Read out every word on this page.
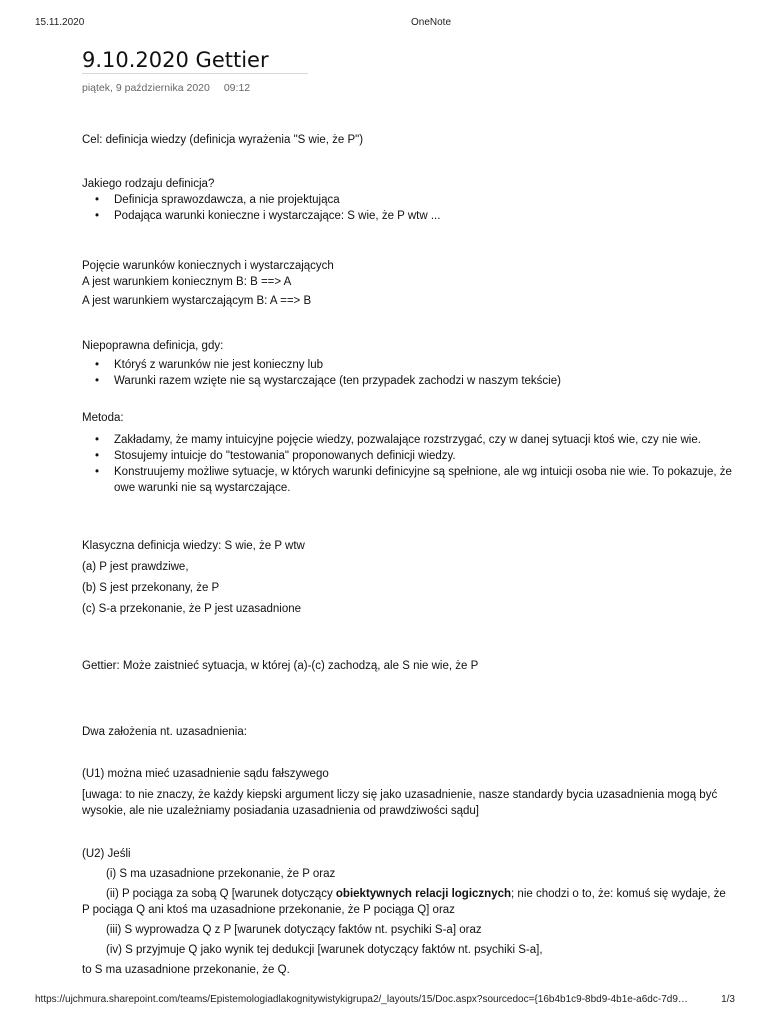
15.11.2020	OneNote
9.10.2020 Gettier
piątek, 9 października 2020 09:12

Cel: definicja wiedzy (definicja wyrażenia "S wie, że P")

Jakiego rodzaju definicja?

• Definicja sprawozdawcza, a nie projektująca
• Podająca warunki konieczne i wystarczające: S wie, że P wtw ...

Pojęcie warunków koniecznych i wystarczających

A jest warunkiem koniecznym B: B ==> A

A jest warunkiem wystarczającym B: A ==> B

Niepoprawna definicja, gdy:

• Któryś z warunków nie jest konieczny lub
• Warunki razem wzięte nie są wystarczające (ten przypadek zachodzi w naszym tekście)

Metoda:

• Zakładamy, że mamy intuicyjne pojęcie wiedzy, pozwalające rozstrzygać, czy w danej sytuacji ktoś wie, czy nie wie.
• Stosujemy intuicje do "testowania" proponowanych definicji wiedzy.
• Konstruujemy możliwe sytuacje, w których warunki definicyjne są spełnione, ale wg intuicji osoba nie wie. To pokazuje, że owe warunki nie są wystarczające.

Klasyczna definicja wiedzy: S wie, że P wtw

(a) P jest prawdziwe,

(b) S jest przekonany, że P

(c) S-a przekonanie, że P jest uzasadnione

Gettier: Może zaistnieć sytuacja, w której (a)-(c) zachodzą, ale S nie wie, że P

Dwa założenia nt. uzasadnienia:

(U1) można mieć uzasadnienie sądu fałszywego

[uwaga: to nie znaczy, że każdy kiepski argument liczy się jako uzasadnienie, nasze standardy bycia uzasadnienia mogą być wysokie, ale nie uzależniamy posiadania uzasadnienia od prawdziwości sądu]

(U2) Jeśli

(i) S ma uzasadnione przekonanie, że P oraz

(ii) P pociąga za sobą Q [warunek dotyczący obiektywnych relacji logicznych; nie chodzi o to, że: komuś się wydaje, że P pociąga Q ani ktoś ma uzasadnione przekonanie, że P pociąga Q] oraz

(iii) S wyprowadza Q z P [warunek dotyczący faktów nt. psychiki S-a] oraz

(iv) S przyjmuje Q jako wynik tej dedukcji [warunek dotyczący faktów nt. psychiki S-a],

to S ma uzasadnione przekonanie, że Q.

https://ujchmura.sharepoint.com/teams/Epistemologiadlakognitywistykigrupa2/_layouts/15/Doc.aspx?sourcedoc={16b4b1c9-8bd9-4b1e-a6dc-7d9…	1/3
